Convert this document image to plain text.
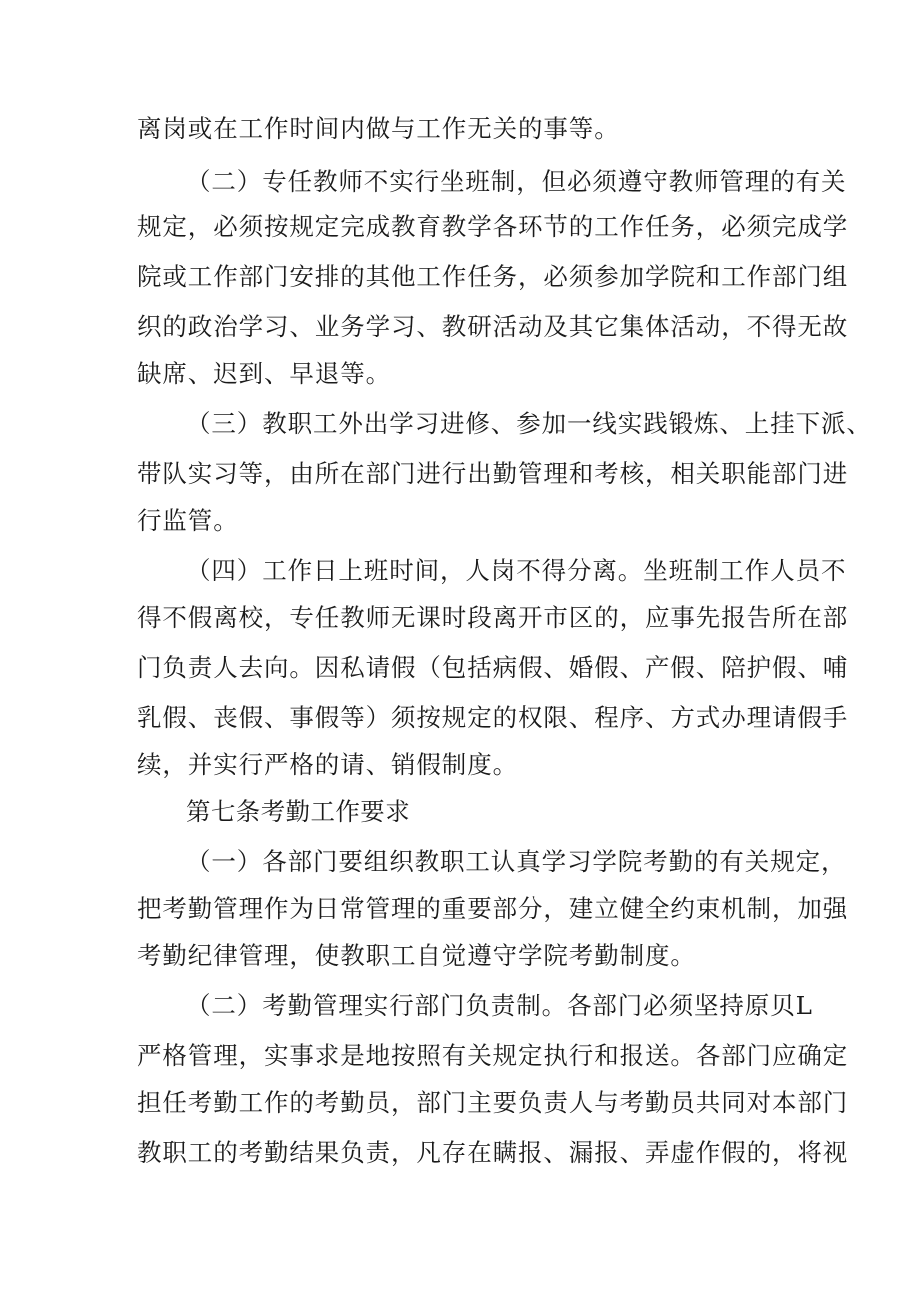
离岗或在工作时间内做与工作无关的事等。
（二）专任教师不实行坐班制，但必须遵守教师管理的有关
规定，必须按规定完成教育教学各环节的工作任务，必须完成学
院或工作部门安排的其他工作任务，必须参加学院和工作部门组
织的政治学习、业务学习、教研活动及其它集体活动，不得无故
缺席、迟到、早退等。
（三）教职工外出学习进修、参加一线实践锻炼、上挂下派、
带队实习等，由所在部门进行出勤管理和考核，相关职能部门进
行监管。
（四）工作日上班时间，人岗不得分离。坐班制工作人员不
得不假离校，专任教师无课时段离开市区的，应事先报告所在部
门负责人去向。因私请假（包括病假、婚假、产假、陪护假、哺
乳假、丧假、事假等）须按规定的权限、程序、方式办理请假手
续，并实行严格的请、销假制度。
第七条考勤工作要求
（一）各部门要组织教职工认真学习学院考勤的有关规定，
把考勤管理作为日常管理的重要部分，建立健全约束机制，加强
考勤纪律管理，使教职工自觉遵守学院考勤制度。
（二）考勤管理实行部门负责制。各部门必须坚持原贝L
严格管理，实事求是地按照有关规定执行和报送。各部门应确定
担任考勤工作的考勤员，部门主要负责人与考勤员共同对本部门
教职工的考勤结果负责，凡存在瞒报、漏报、弄虚作假的，将视
